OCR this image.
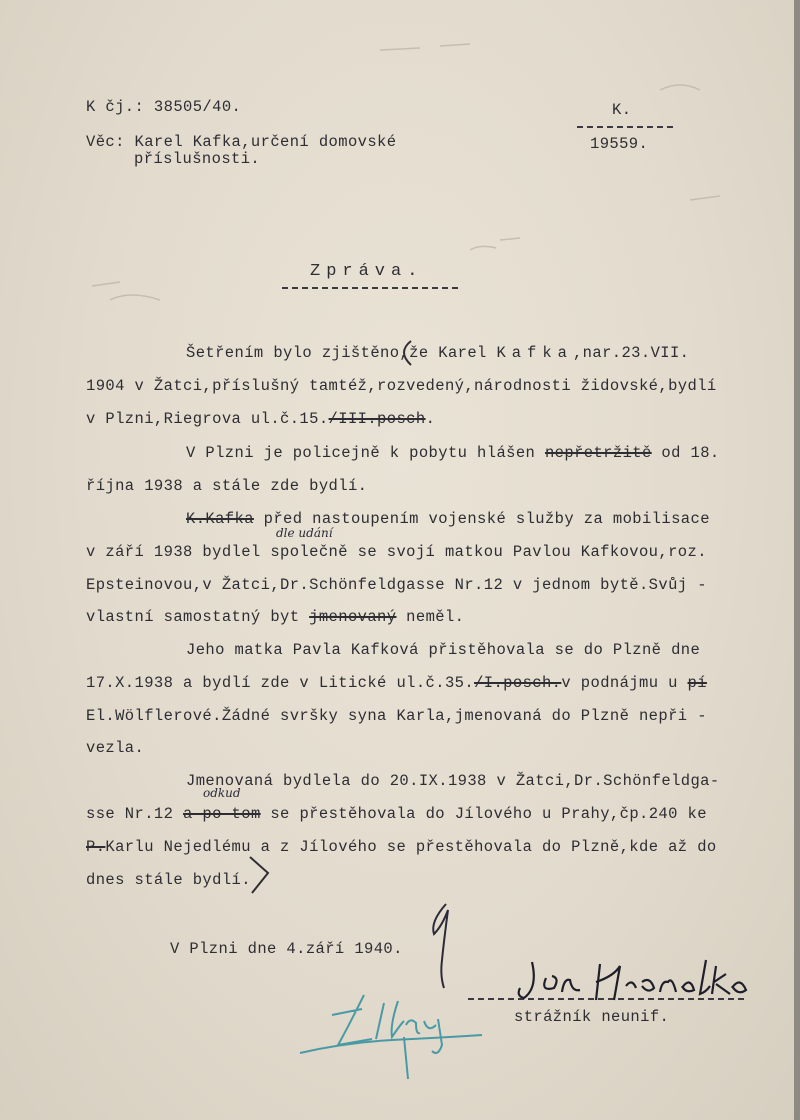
K čj.: 38505/40.
Věc: Karel Kafka,určení domovské
příslušnosti.
K.
19559.
Zpráva.
Šetřením bylo zjištěno,že Karel Kafka,nar.23.VII.
1904 v Žatci,příslušný tamtéž,rozvedený,národnosti židovské,bydlí
v Plzni,Riegrova ul.č.15./III.posch.
V Plzni je policejně k pobytu hlášen nepřetržitě od 18.
října 1938 a stále zde bydlí.
K.Kafka před nastoupením vojenské služby za mobilisace
dle udání
v září 1938 bydlel společně se svojí matkou Pavlou Kafkovou,roz.
Epsteinovou,v Žatci,Dr.Schönfeldgasse Nr.12 v jednom bytě.Svůj -
vlastní samostatný byt jmenovaný neměl.
Jeho matka Pavla Kafková přistěhovala se do Plzně dne
17.X.1938 a bydlí zde v Litické ul.č.35./I.posch.v podnájmu u pí
El.Wölflerové.Žádné svršky syna Karla,jmenovaná do Plzně nepři -
vezla.
Jmenovaná bydlela do 20.IX.1938 v Žatci,Dr.Schönfeldga-
odkud
sse Nr.12 a po tom se přestěhovala do Jílového u Prahy,čp.240 ke
P.Karlu Nejedlému a z Jílového se přestěhovala do Plzně,kde až do
dnes stále bydlí.
V Plzni dne 4.září 1940.
strážník neunif.
